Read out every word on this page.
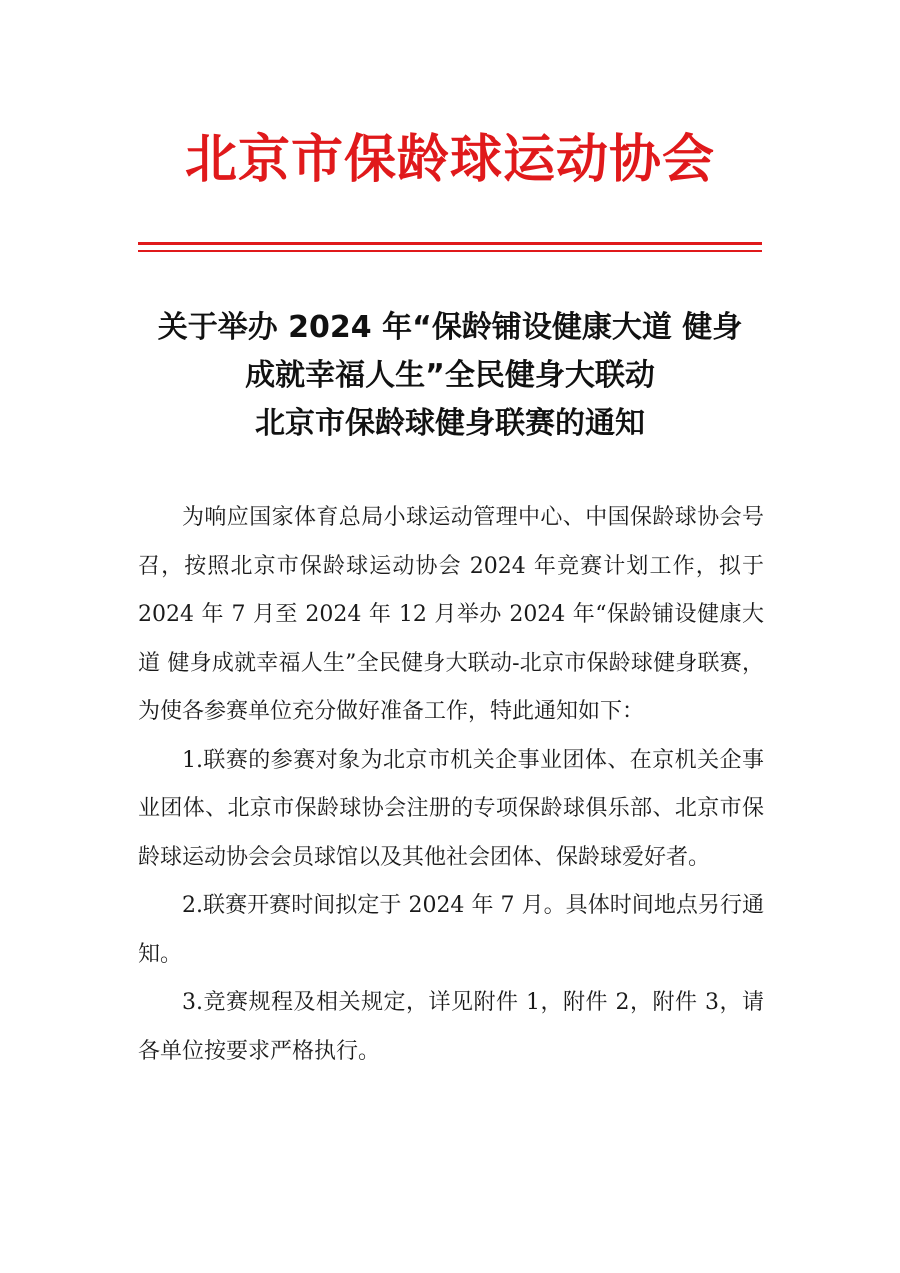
北京市保龄球运动协会
关于举办 2024 年“保龄铺设健康大道 健身
成就幸福人生”全民健身大联动
北京市保龄球健身联赛的通知

为响应国家体育总局小球运动管理中心、中国保龄球协会号召，按照北京市保龄球运动协会 2024 年竞赛计划工作，拟于 2024 年 7 月至 2024 年 12 月举办 2024 年“保龄铺设健康大道 健身成就幸福人生”全民健身大联动-北京市保龄球健身联赛，为使各参赛单位充分做好准备工作，特此通知如下：

1.联赛的参赛对象为北京市机关企事业团体、在京机关企事业团体、北京市保龄球协会注册的专项保龄球俱乐部、北京市保龄球运动协会会员球馆以及其他社会团体、保龄球爱好者。

2.联赛开赛时间拟定于 2024 年 7 月。具体时间地点另行通知。

3.竞赛规程及相关规定，详见附件 1，附件 2，附件 3，请各单位按要求严格执行。
